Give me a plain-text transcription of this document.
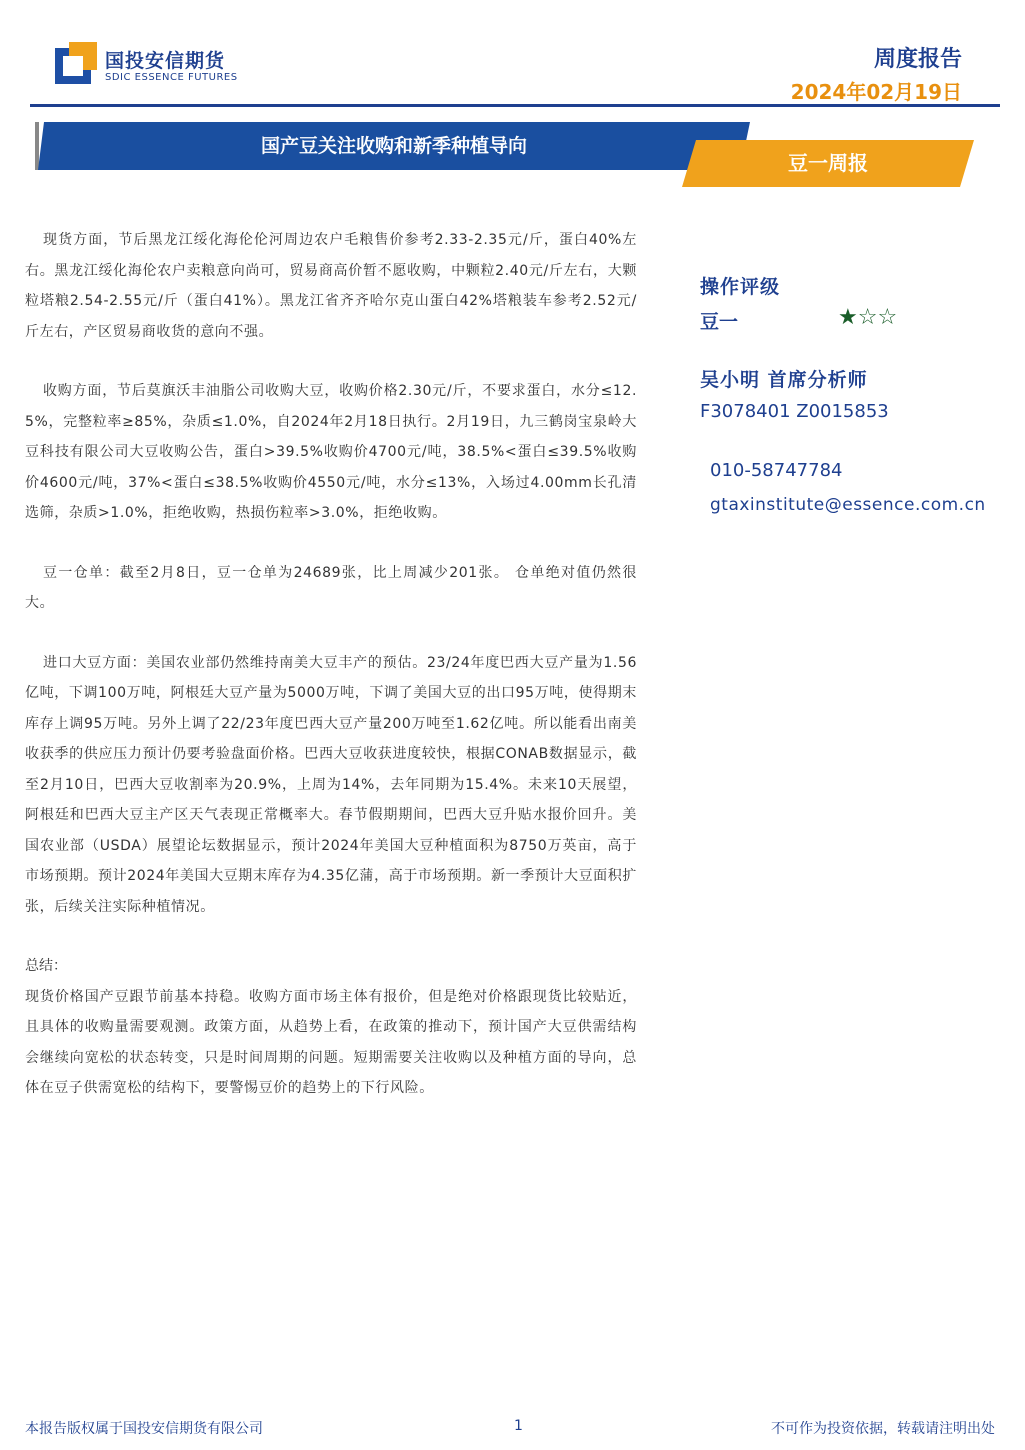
国投安信期货
SDIC ESSENCE FUTURES
周度报告
2024年02月19日
国产豆关注收购和新季种植导向
豆一周报

现货方面，节后黑龙江绥化海伦伦河周边农户毛粮售价参考2.33-2.35元/斤，蛋白40%左右。黑龙江绥化海伦农户卖粮意向尚可，贸易商高价暂不愿收购，中颗粒2.40元/斤左右，大颗粒塔粮2.54-2.55元/斤（蛋白41%）。黑龙江省齐齐哈尔克山蛋白42%塔粮装车参考2.52元/斤左右，产区贸易商收货的意向不强。

收购方面，节后莫旗沃丰油脂公司收购大豆，收购价格2.30元/斤，不要求蛋白，水分≤12.5%，完整粒率≥85%，杂质≤1.0%，自2024年2月18日执行。2月19日，九三鹤岗宝泉岭大豆科技有限公司大豆收购公告，蛋白>39.5%收购价4700元/吨，38.5%<蛋白≤39.5%收购价4600元/吨，37%<蛋白≤38.5%收购价4550元/吨，水分≤13%，入场过4.00mm长孔清选筛，杂质>1.0%，拒绝收购，热损伤粒率>3.0%，拒绝收购。

豆一仓单：截至2月8日，豆一仓单为24689张，比上周减少201张。 仓单绝对值仍然很大。

进口大豆方面：美国农业部仍然维持南美大豆丰产的预估。23/24年度巴西大豆产量为1.56亿吨，下调100万吨，阿根廷大豆产量为5000万吨，下调了美国大豆的出口95万吨，使得期末库存上调95万吨。另外上调了22/23年度巴西大豆产量200万吨至1.62亿吨。所以能看出南美收获季的供应压力预计仍要考验盘面价格。巴西大豆收获进度较快，根据CONAB数据显示，截至2月10日，巴西大豆收割率为20.9%，上周为14%，去年同期为15.4%。未来10天展望，阿根廷和巴西大豆主产区天气表现正常概率大。春节假期期间，巴西大豆升贴水报价回升。美国农业部（USDA）展望论坛数据显示，预计2024年美国大豆种植面积为8750万英亩，高于市场预期。预计2024年美国大豆期末库存为4.35亿蒲，高于市场预期。新一季预计大豆面积扩张，后续关注实际种植情况。

总结：

现货价格国产豆跟节前基本持稳。收购方面市场主体有报价，但是绝对价格跟现货比较贴近，且具体的收购量需要观测。政策方面，从趋势上看，在政策的推动下，预计国产大豆供需结构会继续向宽松的状态转变，只是时间周期的问题。短期需要关注收购以及种植方面的导向，总体在豆子供需宽松的结构下，要警惕豆价的趋势上的下行风险。

操作评级
豆一	★☆☆
吴小明 首席分析师
F3078401 Z0015853
010-58747784
gtaxinstitute@essence.com.cn
本报告版权属于国投安信期货有限公司	1	不可作为投资依据，转载请注明出处
